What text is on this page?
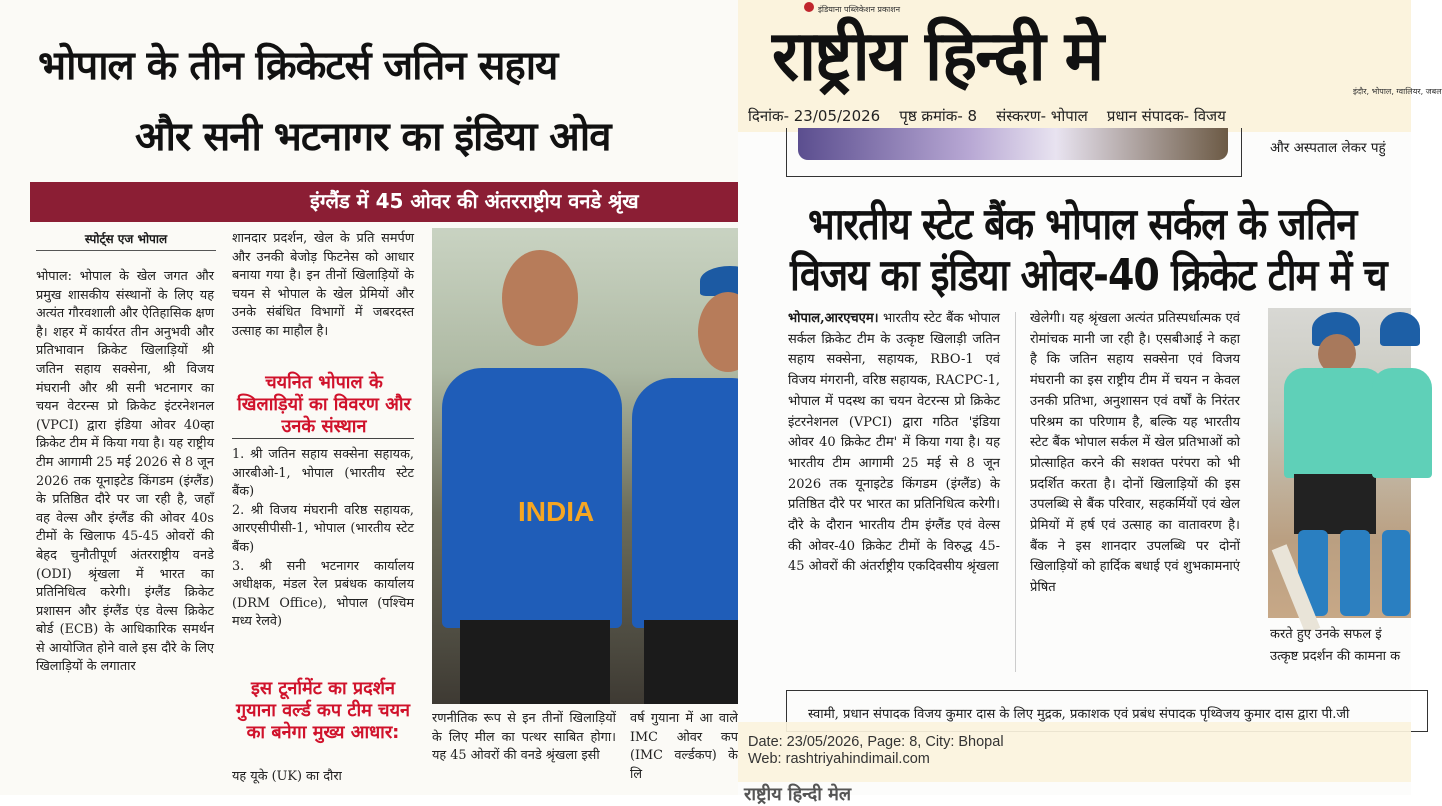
भोपाल के तीन क्रिकेटर्स जतिन सहाय
और सनी भटनागर का इंडिया ओव
इंग्लैंड में 45 ओवर की अंतरराष्ट्रीय वनडे श्रृंख
स्पोर्ट्स एज भोपाल
भोपाल: भोपाल के खेल जगत और प्रमुख शासकीय संस्थानों के लिए यह अत्यंत गौरवशाली और ऐतिहासिक क्षण है। शहर में कार्यरत तीन अनुभवी और प्रतिभावान क्रिकेट खिलाड़ियों श्री जतिन सहाय सक्सेना, श्री विजय मंघरानी और श्री सनी भटनागर का चयन वेटरन्स प्रो क्रिकेट इंटरनेशनल (VPCI) द्वारा इंडिया ओवर 40व्हा क्रिकेट टीम में किया गया है। यह राष्ट्रीय टीम आगामी 25 मई 2026 से 8 जून 2026 तक यूनाइटेड किंगडम (इंग्लैंड) के प्रतिष्ठित दौरे पर जा रही है, जहाँ वह वेल्स और इंग्लैंड की ओवर 40s टीमों के खिलाफ 45-45 ओवरों की बेहद चुनौतीपूर्ण अंतरराष्ट्रीय वनडे (ODI) श्रृंखला में भारत का प्रतिनिधित्व करेगी। इंग्लैंड क्रिकेट प्रशासन और इंग्लैंड एंड वेल्स क्रिकेट बोर्ड (ECB) के आधिकारिक समर्थन से आयोजित होने वाले इस दौरे के लिए खिलाड़ियों के लगातार
शानदार प्रदर्शन, खेल के प्रति समर्पण और उनकी बेजोड़ फिटनेस को आधार बनाया गया है। इन तीनों खिलाड़ियों के चयन से भोपाल के खेल प्रेमियों और उनके संबंधित विभागों में जबरदस्त उत्साह का माहौल है।
चयनित भोपाल के खिलाड़ियों का विवरण और उनके संस्थान
1. श्री जतिन सहाय सक्सेना सहायक, आरबीओ-1, भोपाल (भारतीय स्टेट बैंक)
2. श्री विजय मंघरानी वरिष्ठ सहायक, आरएसीपीसी-1, भोपाल (भारतीय स्टेट बैंक)
3. श्री सनी भटनागर कार्यालय अधीक्षक, मंडल रेल प्रबंधक कार्यालय (DRM Office), भोपाल (पश्चिम मध्य रेलवे)
इस टूर्नामेंट का प्रदर्शन गुयाना वर्ल्ड कप टीम चयन का बनेगा मुख्य आधार:
यह यूके (UK) का दौरा
INDIA
रणनीतिक रूप से इन तीनों खिलाड़ियों के लिए मील का पत्थर साबित होगा। यह 45 ओवरों की वनडे श्रृंखला इसी
वर्ष गुयाना में आ वाले IMC ओवर कप (IMC वर्ल्डकप) के लि
इंडियाना पब्लिकेशन प्रकाशन
राष्ट्रीय हिन्दी मे	इंदौर, भोपाल, ग्वालियर, जबल
दिनांक- 23/05/2026 पृष्ठ क्रमांक- 8 संस्करण- भोपाल प्रधान संपादक- विजय
और अस्पताल लेकर पहुं
भारतीय स्टेट बैंक भोपाल सर्कल के जतिन
विजय का इंडिया ओवर-40 क्रिकेट टीम में च
भोपाल,आरएचएम। भारतीय स्टेट बैंक भोपाल सर्कल क्रिकेट टीम के उत्कृष्ट खिलाड़ी जतिन सहाय सक्सेना, सहायक, RBO-1 एवं विजय मंगरानी, वरिष्ठ सहायक, RACPC-1, भोपाल में पदस्थ का चयन वेटरन्स प्रो क्रिकेट इंटरनेशनल (VPCI) द्वारा गठित 'इंडिया ओवर 40 क्रिकेट टीम' में किया गया है। यह भारतीय टीम आगामी 25 मई से 8 जून 2026 तक यूनाइटेड किंगडम (इंग्लैंड) के प्रतिष्ठित दौरे पर भारत का प्रतिनिधित्व करेगी। दौरे के दौरान भारतीय टीम इंग्लैंड एवं वेल्स की ओवर-40 क्रिकेट टीमों के विरुद्ध 45-45 ओवरों की अंतर्राष्ट्रीय एकदिवसीय श्रृंखला
खेलेगी। यह श्रृंखला अत्यंत प्रतिस्पर्धात्मक एवं रोमांचक मानी जा रही है। एसबीआई ने कहा है कि जतिन सहाय सक्सेना एवं विजय मंघरानी का इस राष्ट्रीय टीम में चयन न केवल उनकी प्रतिभा, अनुशासन एवं वर्षों के निरंतर परिश्रम का परिणाम है, बल्कि यह भारतीय स्टेट बैंक भोपाल सर्कल में खेल प्रतिभाओं को प्रोत्साहित करने की सशक्त परंपरा को भी प्रदर्शित करता है। दोनों खिलाड़ियों की इस उपलब्धि से बैंक परिवार, सहकर्मियों एवं खेल प्रेमियों में हर्ष एवं उत्साह का वातावरण है। बैंक ने इस शानदार उपलब्धि पर दोनों खिलाड़ियों को हार्दिक बधाई एवं शुभकामनाएं प्रेषित
करते हुए उनके सफल इं
उत्कृष्ट प्रदर्शन की कामना क
स्वामी, प्रधान संपादक विजय कुमार दास के लिए मुद्रक, प्रकाशक एवं प्रबंध संपादक पृथ्विजय कुमार दास द्वारा पी.जी
राष्ट्रीय हिन्दी मेल
Date: 23/05/2026, Page: 8, City: Bhopal
Web: rashtriyahindimail.com
